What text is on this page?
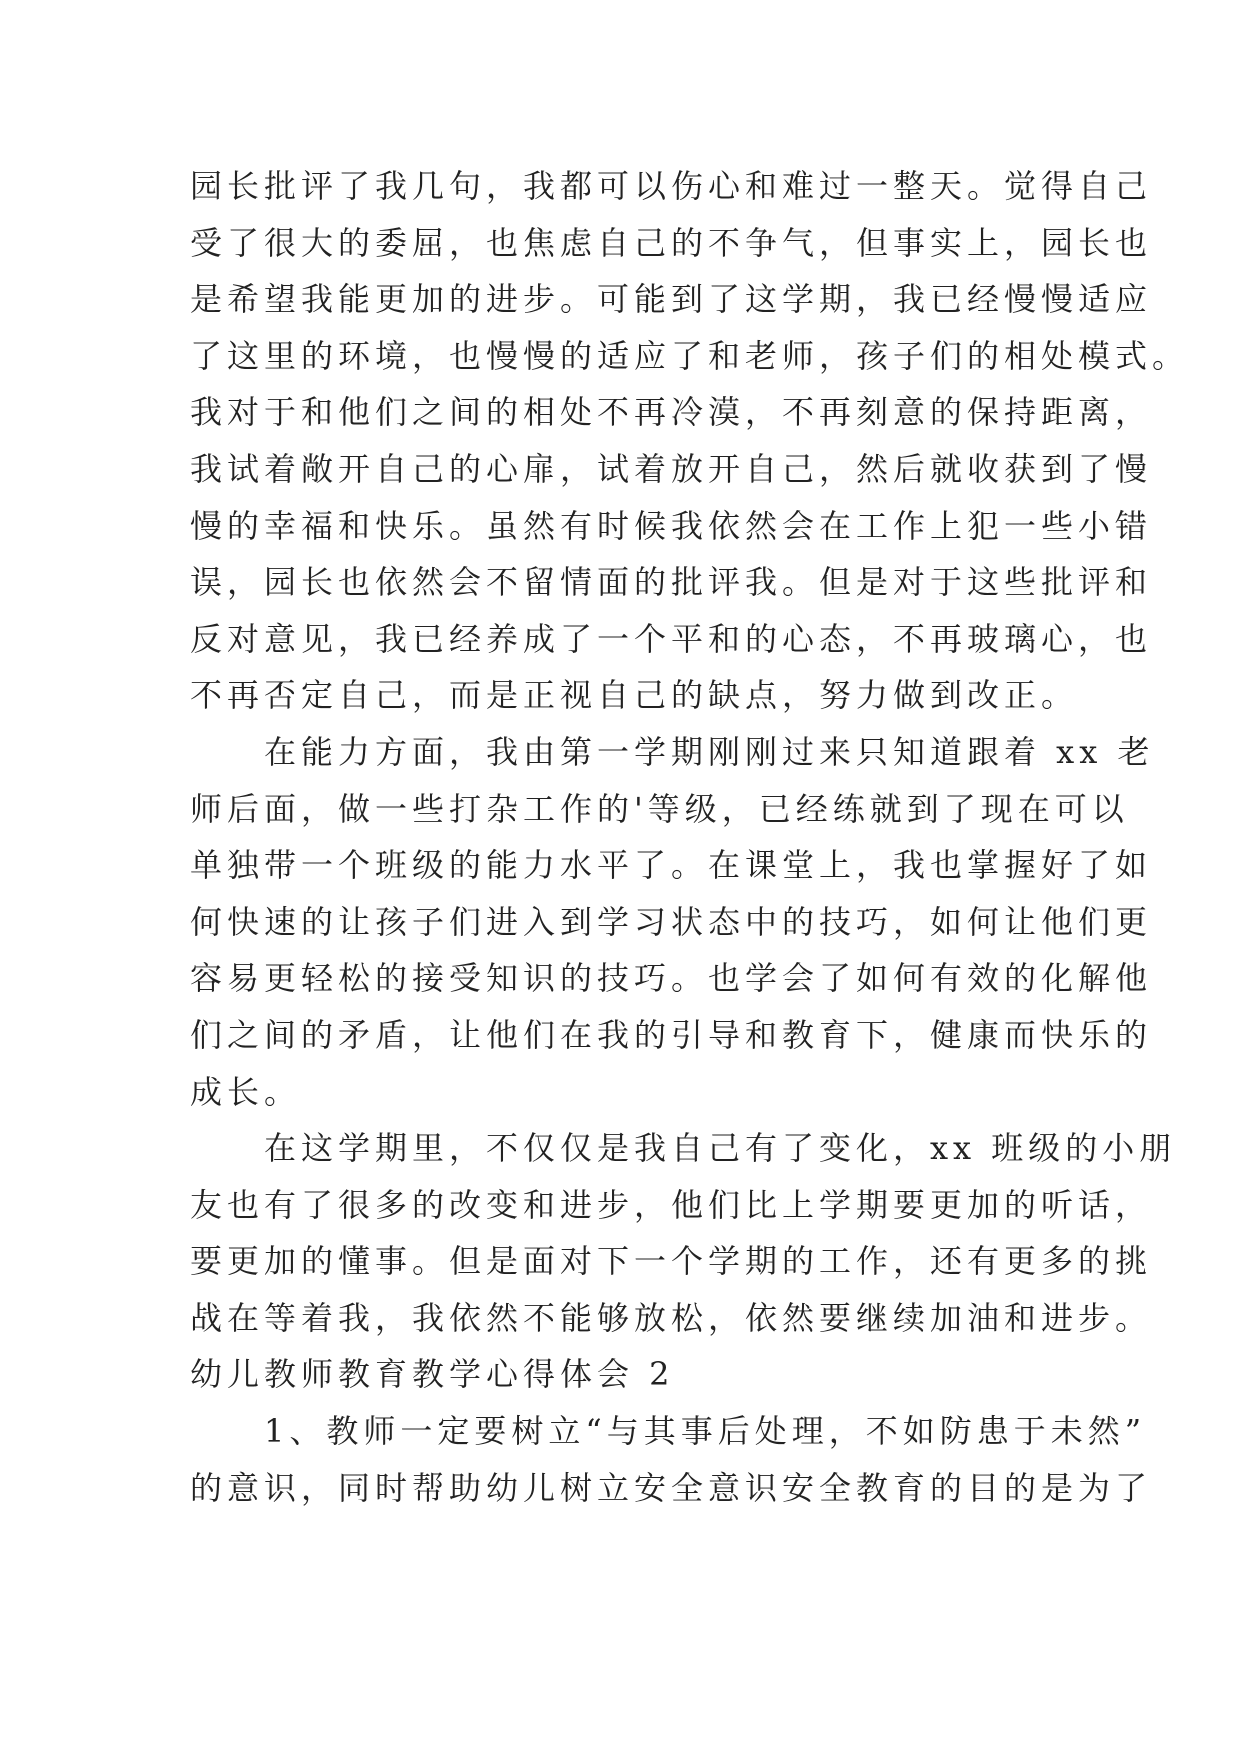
园长批评了我几句，我都可以伤心和难过一整天。觉得自己
受了很大的委屈，也焦虑自己的不争气，但事实上，园长也
是希望我能更加的进步。可能到了这学期，我已经慢慢适应
了这里的环境，也慢慢的适应了和老师，孩子们的相处模式。
我对于和他们之间的相处不再冷漠，不再刻意的保持距离，
我试着敞开自己的心扉，试着放开自己，然后就收获到了慢
慢的幸福和快乐。虽然有时候我依然会在工作上犯一些小错
误，园长也依然会不留情面的批评我。但是对于这些批评和
反对意见，我已经养成了一个平和的心态，不再玻璃心，也
不再否定自己，而是正视自己的缺点，努力做到改正。
在能力方面，我由第一学期刚刚过来只知道跟着 xx 老
师后面，做一些打杂工作的'等级，已经练就到了现在可以
单独带一个班级的能力水平了。在课堂上，我也掌握好了如
何快速的让孩子们进入到学习状态中的技巧，如何让他们更
容易更轻松的接受知识的技巧。也学会了如何有效的化解他
们之间的矛盾，让他们在我的引导和教育下，健康而快乐的
成长。
在这学期里，不仅仅是我自己有了变化，xx 班级的小朋
友也有了很多的改变和进步，他们比上学期要更加的听话，
要更加的懂事。但是面对下一个学期的工作，还有更多的挑
战在等着我，我依然不能够放松，依然要继续加油和进步。
幼儿教师教育教学心得体会 2
1、教师一定要树立“与其事后处理，不如防患于未然”
的意识，同时帮助幼儿树立安全意识安全教育的目的是为了
